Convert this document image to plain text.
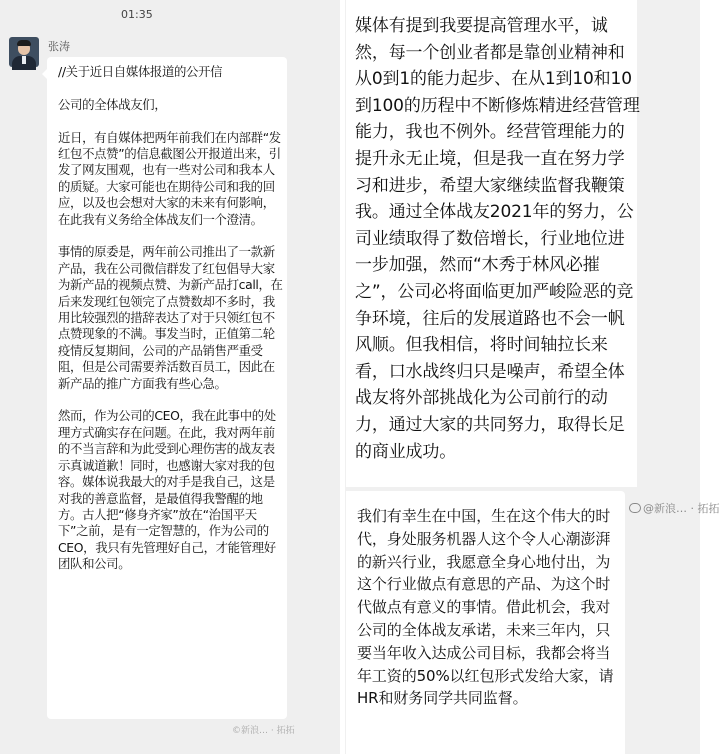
01:35
张涛

//关于近日自媒体报道的公开信

公司的全体战友们，

近日，有自媒体把两年前我们在内部群“发红包不点赞”的信息截图公开报道出来，引发了网友围观，也有一些对公司和我本人的质疑。大家可能也在期待公司和我的回应，以及也会想对大家的未来有何影响，在此我有义务给全体战友们一个澄清。

事情的原委是，两年前公司推出了一款新产品，我在公司微信群发了红包倡导大家为新产品的视频点赞、为新产品打call，在后来发现红包领完了点赞数却不多时，我用比较强烈的措辞表达了对于只领红包不点赞现象的不满。事发当时，正值第二轮疫情反复期间，公司的产品销售严重受阻，但是公司需要养活数百员工，因此在新产品的推广方面我有些心急。

然而，作为公司的CEO，我在此事中的处理方式确实存在问题。在此，我对两年前的不当言辞和为此受到心理伤害的战友表示真诚道歉！同时，也感谢大家对我的包容。媒体说我最大的对手是我自己，这是对我的善意监督，是最值得我警醒的地方。古人把“修身齐家”放在“治国平天下”之前，是有一定智慧的，作为公司的CEO，我只有先管理好自己，才能管理好团队和公司。

©新浪… · 拓拓

媒体有提到我要提高管理水平，诚然，每一个创业者都是靠创业精神和从0到1的能力起步、在从1到10和10到100的历程中不断修炼精进经营管理能力，我也不例外。经营管理能力的提升永无止境，但是我一直在努力学习和进步，希望大家继续监督我鞭策我。通过全体战友2021年的努力，公司业绩取得了数倍增长，行业地位进一步加强，然而“木秀于林风必摧之”，公司必将面临更加严峻险恶的竞争环境，往后的发展道路也不会一帆风顺。但我相信，将时间轴拉长来看，口水战终归只是噪声，希望全体战友将外部挑战化为公司前行的动力，通过大家的共同努力，取得长足的商业成功。

@新浪… · 拓拓

我们有幸生在中国，生在这个伟大的时代，身处服务机器人这个令人心潮澎湃的新兴行业，我愿意全身心地付出，为这个行业做点有意思的产品、为这个时代做点有意义的事情。借此机会，我对公司的全体战友承诺，未来三年内，只要当年收入达成公司目标，我都会将当年工资的50%以红包形式发给大家，请HR和财务同学共同监督。
